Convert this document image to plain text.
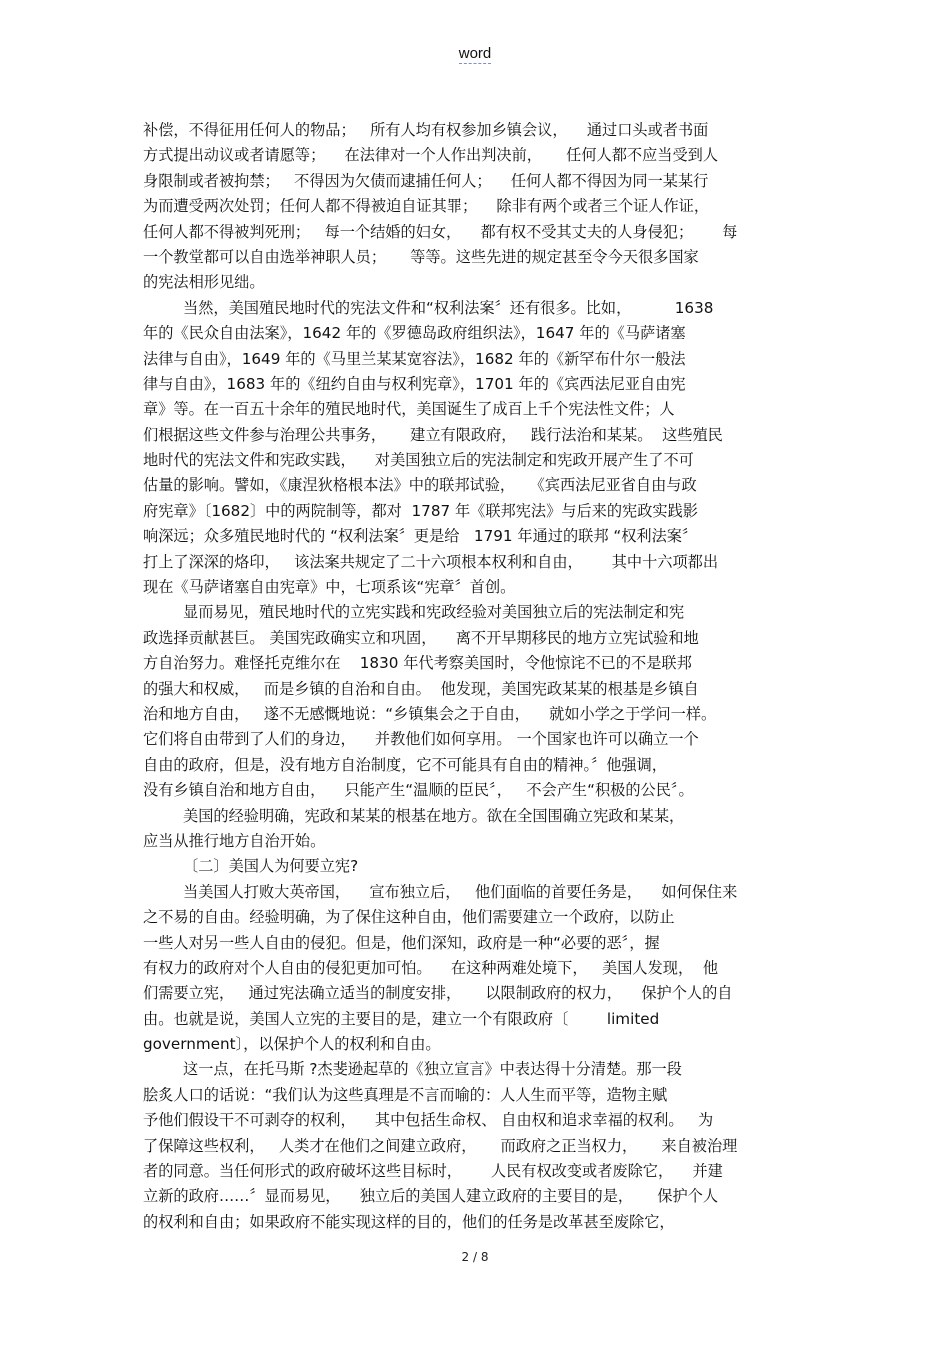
word
补偿，不得征用任何人的物品；   所有人均有权参加乡镇会议，    通过口头或者书面
方式提出动议或者请愿等；    在法律对一个人作出判决前，     任何人都不应当受到人
身限制或者被拘禁；   不得因为欠债而逮捕任何人；    任何人都不得因为同一某某行
为而遭受两次处罚；任何人都不得被迫自证其罪；    除非有两个或者三个证人作证，
任何人都不得被判死刑；   每一个结婚的妇女，    都有权不受其丈夫的人身侵犯；      每
一个教堂都可以自由选举神职人员；     等等。这些先进的规定甚至令今天很多国家
的宪法相形见绌。
当然，美国殖民地时代的宪法文件和“权利法案〞还有很多。比如，         1638
年的《民众自由法案》，1642 年的《罗德岛政府组织法》，1647 年的《马萨诸塞
法律与自由》，1649 年的《马里兰某某宽容法》，1682 年的《新罕布什尔一般法
律与自由》，1683 年的《纽约自由与权利宪章》，1701 年的《宾西法尼亚自由宪
章》等。在一百五十余年的殖民地时代，美国诞生了成百上千个宪法性文件；人
们根据这些文件参与治理公共事务，     建立有限政府，   践行法治和某某。  这些殖民
地时代的宪法文件和宪政实践，    对美国独立后的宪法制定和宪政开展产生了不可
估量的影响。譬如，《康涅狄格根本法》中的联邦试验，   《宾西法尼亚省自由与政
府宪章》〔1682〕中的两院制等，都对  1787 年《联邦宪法》与后来的宪政实践影
响深远；众多殖民地时代的 “权利法案〞更是给   1791 年通过的联邦 “权利法案〞
打上了深深的烙印，   该法案共规定了二十六项根本权利和自由，      其中十六项都出
现在《马萨诸塞自由宪章》中，七项系该“宪章〞首创。
显而易见，殖民地时代的立宪实践和宪政经验对美国独立后的宪法制定和宪
政选择贡献甚巨。 美国宪政确实立和巩固，    离不开早期移民的地方立宪试验和地
方自治努力。难怪托克维尔在    1830 年代考察美国时，令他惊诧不已的不是联邦
的强大和权威，   而是乡镇的自治和自由。  他发现，美国宪政某某的根基是乡镇自
治和地方自由，   遂不无感慨地说：“乡镇集会之于自由，    就如小学之于学问一样。
它们将自由带到了人们的身边，    并教他们如何享用。 一个国家也许可以确立一个
自由的政府，但是，没有地方自治制度，它不可能具有自由的精神。〞他强调，
没有乡镇自治和地方自由，    只能产生“温顺的臣民〞，   不会产生“积极的公民〞。
美国的经验明确，宪政和某某的根基在地方。欲在全国围确立宪政和某某，
应当从推行地方自治开始。
〔二〕美国人为何要立宪?
当美国人打败大英帝国，    宣布独立后，   他们面临的首要任务是，    如何保住来
之不易的自由。经验明确，为了保住这种自由，他们需要建立一个政府，以防止
一些人对另一些人自由的侵犯。但是，他们深知，政府是一种“必要的恶〞，握
有权力的政府对个人自由的侵犯更加可怕。    在这种两难处境下，   美国人发现，  他
们需要立宪，   通过宪法确立适当的制度安排，     以限制政府的权力，    保护个人的自
由。也就是说，美国人立宪的主要目的是，建立一个有限政府〔        limited
government〕，以保护个人的权利和自由。
这一点，在托马斯 ?杰斐逊起草的《独立宣言》中表达得十分清楚。那一段
脍炙人口的话说：“我们认为这些真理是不言而喻的：人人生而平等，造物主赋
予他们假设干不可剥夺的权利，    其中包括生命权、 自由权和追求幸福的权利。   为
了保障这些权利，   人类才在他们之间建立政府，     而政府之正当权力，     来自被治理
者的同意。当任何形式的政府破坏这些目标时，      人民有权改变或者废除它，    并建
立新的政府……〞显而易见，    独立后的美国人建立政府的主要目的是，     保护个人
的权利和自由；如果政府不能实现这样的目的，他们的任务是改革甚至废除它，
2 / 8
